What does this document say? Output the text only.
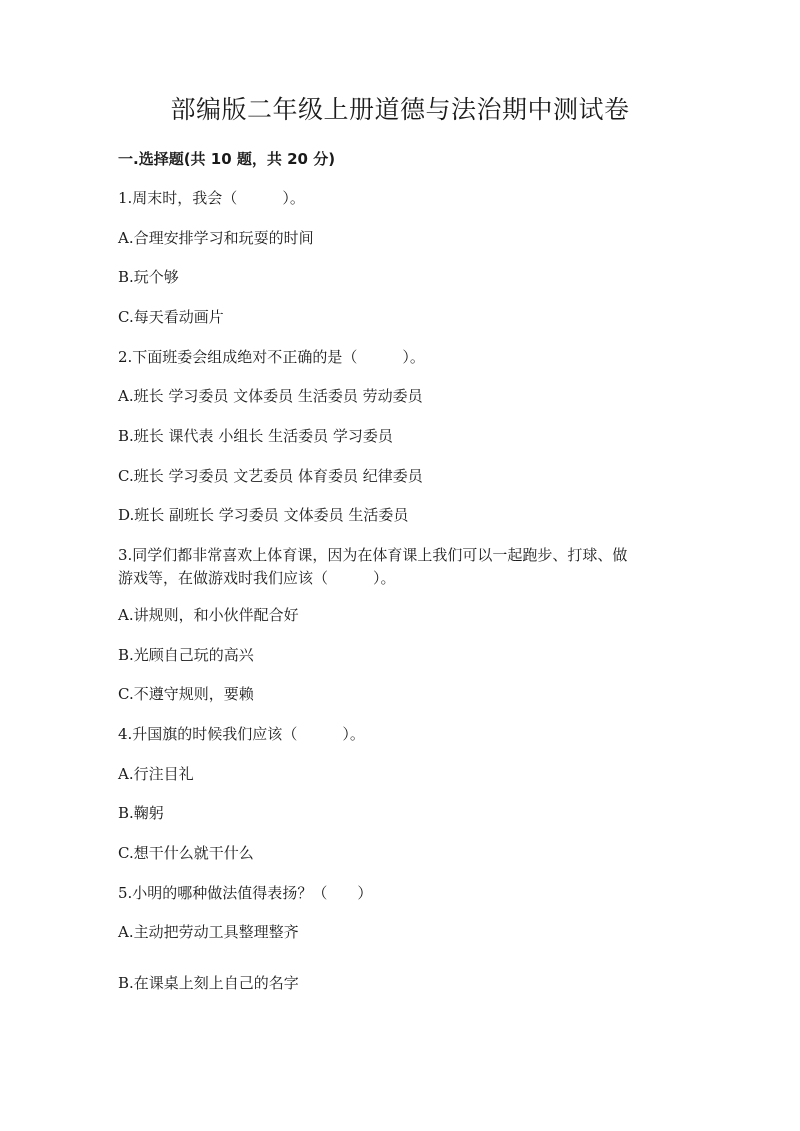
部编版二年级上册道德与法治期中测试卷
一.选择题(共 10 题，共 20 分)
1.周末时，我会（　　　）。
A.合理安排学习和玩耍的时间
B.玩个够
C.每天看动画片
2.下面班委会组成绝对不正确的是（　　　）。
A.班长 学习委员 文体委员 生活委员 劳动委员
B.班长 课代表 小组长 生活委员 学习委员
C.班长 学习委员 文艺委员 体育委员 纪律委员
D.班长 副班长 学习委员 文体委员 生活委员
3.同学们都非常喜欢上体育课，因为在体育课上我们可以一起跑步、打球、做
游戏等，在做游戏时我们应该（　　　）。
A.讲规则，和小伙伴配合好
B.光顾自己玩的高兴
C.不遵守规则，要赖
4.升国旗的时候我们应该（　　　）。
A.行注目礼
B.鞠躬
C.想干什么就干什么
5.小明的哪种做法值得表扬？（　　）
A.主动把劳动工具整理整齐
B.在课桌上刻上自己的名字
